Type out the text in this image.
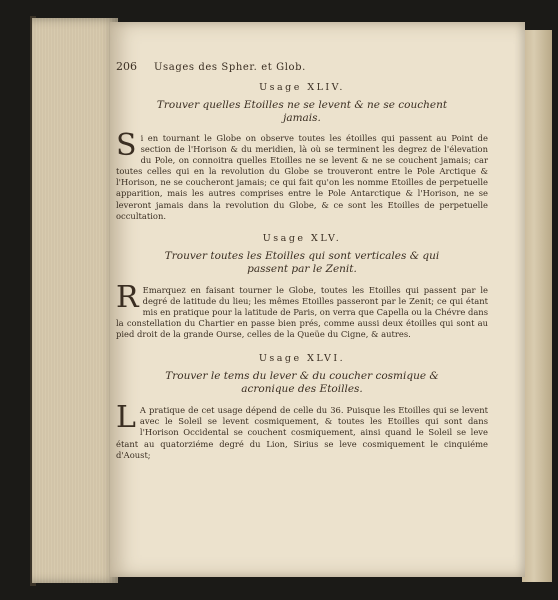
206	Usages des Spher. et Glob.

Usage XLIV.

Trouver quelles Etoilles ne se levent & ne se couchent jamais.

Si en tournant le Globe on observe toutes les étoilles qui passent au Point de section de l'Horison & du meridien, là où se terminent les degrez de l'élevation du Pole, on connoitra quelles Etoilles ne se levent & ne se couchent jamais; car toutes celles qui en la revolution du Globe se trouveront entre le Pole Arctique & l'Horison, ne se coucheront jamais; ce qui fait qu'on les nomme Etoilles de perpetuelle apparition, mais les autres comprises entre le Pole Antarctique & l'Horison, ne se leveront jamais dans la revolution du Globe, & ce sont les Etoilles de perpetuelle occultation.

Usage XLV.

Trouver toutes les Etoilles qui sont verticales & qui passent par le Zenit.

R Emarquez en faisant tourner le Globe, toutes les Etoilles qui passent par le degré de latitude du lieu; les mêmes Etoilles passeront par le Zenit; ce qui étant mis en pratique pour la latitude de Paris, on verra que Capella ou la Chévre dans la constellation du Chartier en passe bien prés, comme aussi deux étoilles qui sont au pied droit de la grande Ourse, celles de la Queüe du Cigne, & autres.

Usage XLVI.

Trouver le tems du lever & du coucher cosmique & acronique des Etoilles.

L A pratique de cet usage dépend de celle du 36. Puisque les Etoilles qui se levent avec le Soleil se levent cosmiquement, & toutes les Etoilles qui sont dans l'Horison Occidental se couchent cosmiquement, ainsi quand le Soleil se leve étant au quatorziéme degré du Lion, Sirius se leve cosmiquement le cinquiéme d'Aoust;
